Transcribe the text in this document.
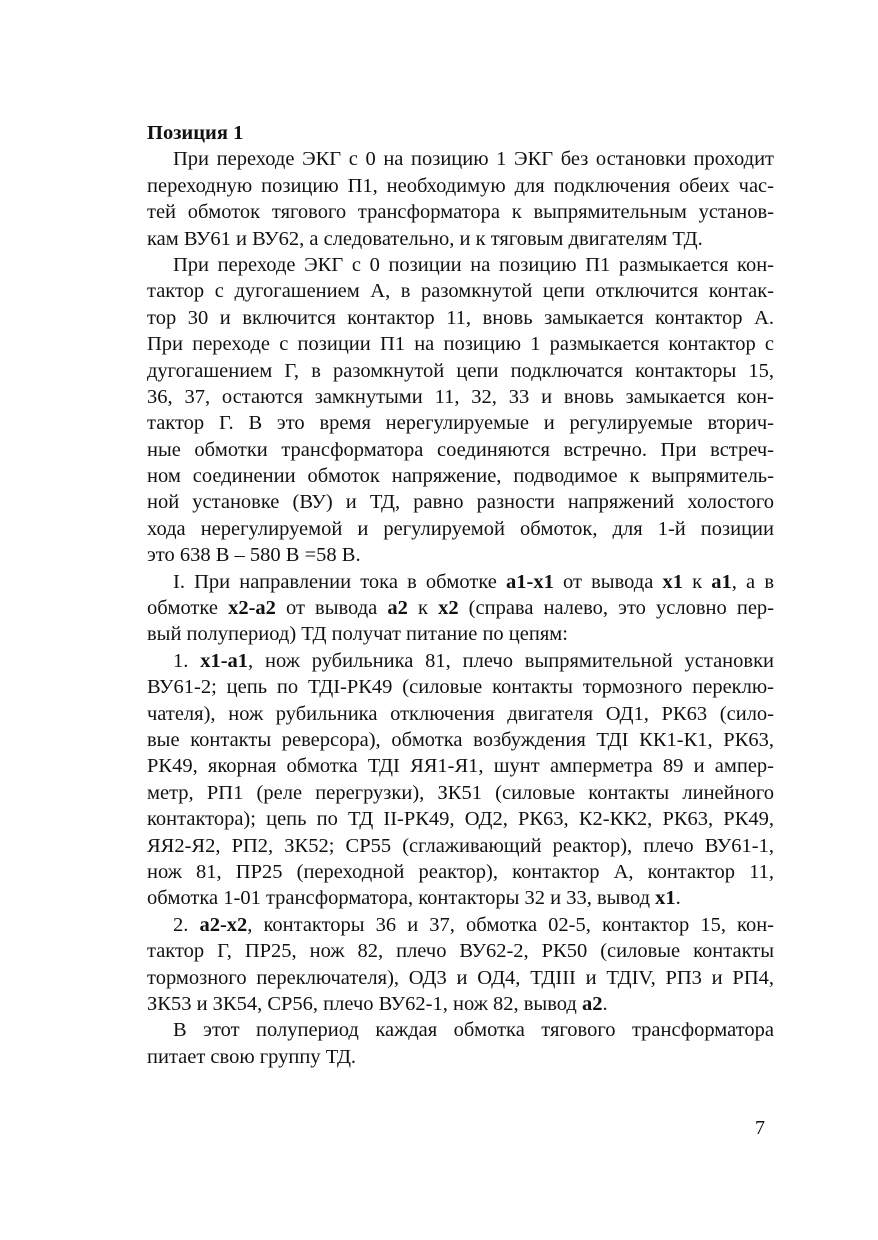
Позиция 1
При переходе ЭКГ с 0 на позицию 1 ЭКГ без остановки проходит
переходную позицию П1, необходимую для подключения обеих час-
тей обмоток тягового трансформатора к выпрямительным установ-
кам ВУ61 и ВУ62, а следовательно, и к тяговым двигателям ТД.
При переходе ЭКГ с 0 позиции на позицию П1 размыкается кон-
тактор с дугогашением А, в разомкнутой цепи отключится контак-
тор 30 и включится контактор 11, вновь замыкается контактор А.
При переходе с позиции П1 на позицию 1 размыкается контактор с
дугогашением Г, в разомкнутой цепи подключатся контакторы 15,
36, 37, остаются замкнутыми 11, 32, 33 и вновь замыкается кон-
тактор Г. В это время нерегулируемые и регулируемые вторич-
ные обмотки трансформатора соединяются встречно. При встреч-
ном соединении обмоток напряжение, подводимое к выпрямитель-
ной установке (ВУ) и ТД, равно разности напряжений холостого
хода нерегулируемой и регулируемой обмоток, для 1-й позиции
это 638 В – 580 В =58 В.
I. При направлении тока в обмотке a1-x1 от вывода x1 к a1, а в
обмотке x2-a2 от вывода a2 к x2 (справа налево, это условно пер-
вый полупериод) ТД получат питание по цепям:
1. x1-a1, нож рубильника 81, плечо выпрямительной установки
ВУ61-2; цепь по ТДI-РК49 (силовые контакты тормозного переклю-
чателя), нож рубильника отключения двигателя ОД1, РК63 (сило-
вые контакты реверсора), обмотка возбуждения ТДI КК1-К1, РК63,
РК49, якорная обмотка ТДI ЯЯ1-Я1, шунт амперметра 89 и ампер-
метр, РП1 (реле перегрузки), ЗК51 (силовые контакты линейного
контактора); цепь по ТД II-РК49, ОД2, РК63, К2-КК2, РК63, РК49,
ЯЯ2-Я2, РП2, ЗК52; СР55 (сглаживающий реактор), плечо ВУ61-1,
нож 81, ПР25 (переходной реактор), контактор А, контактор 11,
обмотка 1-01 трансформатора, контакторы 32 и 33, вывод x1.
2. a2-x2, контакторы 36 и 37, обмотка 02-5, контактор 15, кон-
тактор Г, ПР25, нож 82, плечо ВУ62-2, РК50 (силовые контакты
тормозного переключателя), ОД3 и ОД4, ТДIII и ТДIV, РП3 и РП4,
ЗК53 и ЗК54, СР56, плечо ВУ62-1, нож 82, вывод a2.
В этот полупериод каждая обмотка тягового трансформатора
питает свою группу ТД.
7
